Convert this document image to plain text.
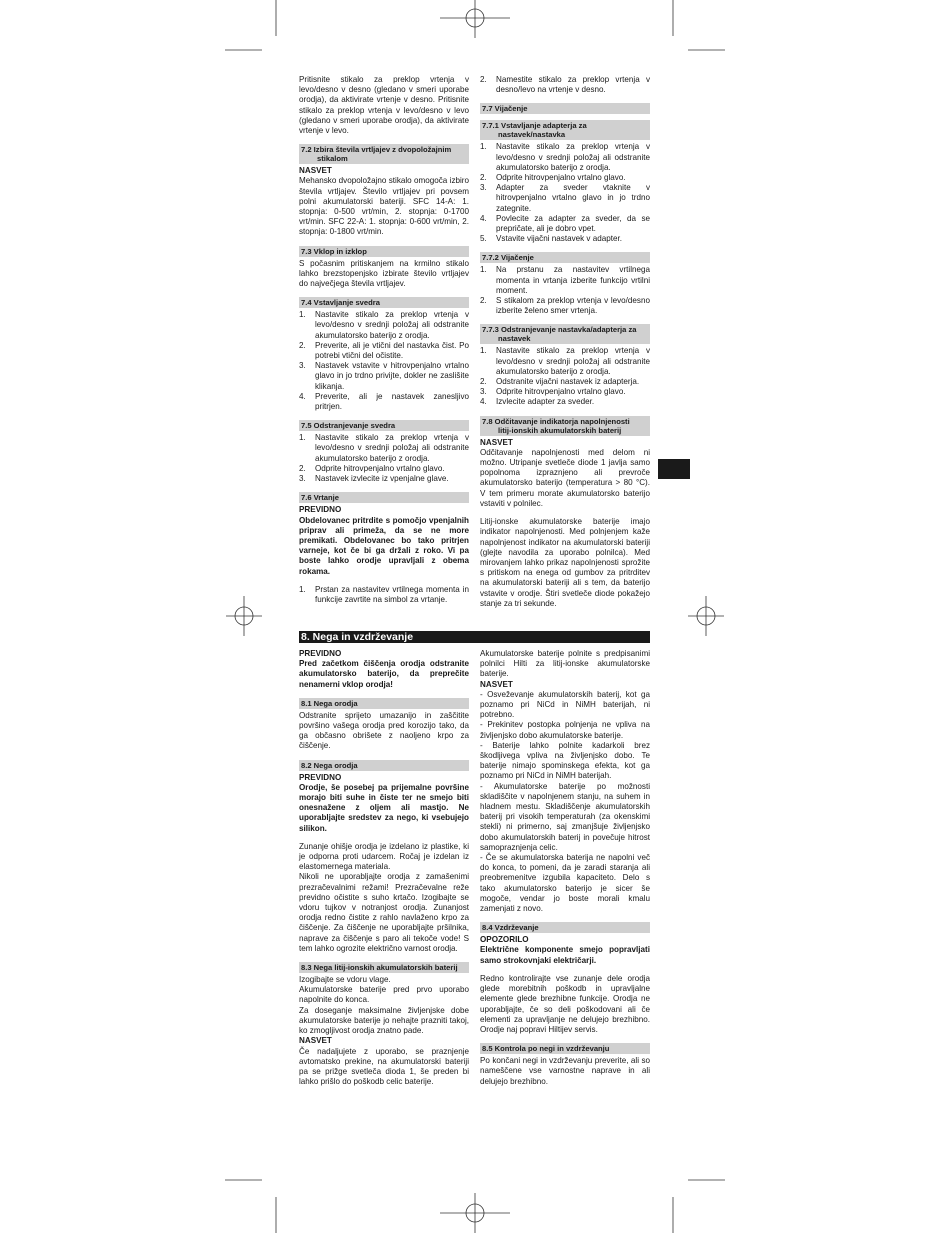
Pritisnite stikalo za preklop vrtenja v levo/desno v desno (gledano v smeri uporabe orodja), da aktivirate vrtenje v desno. Pritisnite stikalo za preklop vrtenja v levo/desno v levo (gledano v smeri uporabe orodja), da aktivirate vrtenje v levo.

7.2 Izbira števila vrtljajev z dvopoložajnim
stikalom
NASVET

Mehansko dvopoložajno stikalo omogoča izbiro števila vrtljajev. Število vrtljajev pri povsem polni akumulatorski bateriji. SFC 14-A: 1. stopnja: 0-500 vrt/min, 2. stopnja: 0-1700 vrt/min. SFC 22-A: 1. stopnja: 0-600 vrt/min, 2. stopnja: 0-1800 vrt/min.

7.3 Vklop in izklop

S počasnim pritiskanjem na krmilno stikalo lahko brezstopenjsko izbirate število vrtljajev do največjega števila vrtljajev.

7.4 Vstavljanje svedra
1. Nastavite stikalo za preklop vrtenja v levo/desno v srednji položaj ali odstranite akumulatorsko baterijo z orodja.
2. Preverite, ali je vtični del nastavka čist. Po potrebi vtični del očistite.
3. Nastavek vstavite v hitrovpenjalno vrtalno glavo in jo trdno privijte, dokler ne zaslišite klikanja.
4. Preverite, ali je nastavek zanesljivo pritrjen.
7.5 Odstranjevanje svedra
1. Nastavite stikalo za preklop vrtenja v levo/desno v srednji položaj ali odstranite akumulatorsko baterijo z orodja.
2. Odprite hitrovpenjalno vrtalno glavo.
3. Nastavek izvlecite iz vpenjalne glave.
7.6 Vrtanje
PREVIDNO

Obdelovanec pritrdite s pomočjo vpenjalnih priprav ali primeža, da se ne more premikati. Obdelovanec bo tako pritrjen varneje, kot če bi ga držali z roko. Vi pa boste lahko orodje upravljali z obema rokama.

1. Prstan za nastavitev vrtilnega momenta in funkcije zavrtite na simbol za vrtanje.
2. Namestite stikalo za preklop vrtenja v desno/levo na vrtenje v desno.
7.7 Vijačenje
7.7.1 Vstavljanje adapterja za
nastavek/nastavka
1. Nastavite stikalo za preklop vrtenja v levo/desno v srednji položaj ali odstranite akumulatorsko baterijo z orodja.
2. Odprite hitrovpenjalno vrtalno glavo.
3. Adapter za sveder vtaknite v hitrovpenjalno vrtalno glavo in jo trdno zategnite.
4. Povlecite za adapter za sveder, da se prepričate, ali je dobro vpet.
5. Vstavite vijačni nastavek v adapter.
7.7.2 Vijačenje
1. Na prstanu za nastavitev vrtilnega momenta in vrtanja izberite funkcijo vrtilni moment.
2. S stikalom za preklop vrtenja v levo/desno izberite želeno smer vrtenja.
7.7.3 Odstranjevanje nastavka/adapterja za
nastavek
1. Nastavite stikalo za preklop vrtenja v levo/desno v srednji položaj ali odstranite akumulatorsko baterijo z orodja.
2. Odstranite vijačni nastavek iz adapterja.
3. Odprite hitrovpenjalno vrtalno glavo.
4. Izvlecite adapter za sveder.
7.8 Odčitavanje indikatorja napolnjenosti
litij-ionskih akumulatorskih baterij
NASVET

Odčitavanje napolnjenosti med delom ni možno. Utripanje svetleče diode 1 javlja samo popolnoma izpraznjeno ali prevroče akumulatorsko baterijo (temperatura > 80 °C). V tem primeru morate akumulatorsko baterijo vstaviti v polnilec.

Litij-ionske akumulatorske baterije imajo indikator napolnjenosti. Med polnjenjem kaže napolnjenost indikator na akumulatorski bateriji (glejte navodila za uporabo polnilca). Med mirovanjem lahko prikaz napolnjenosti sprožite s pritiskom na enega od gumbov za pritrditev na akumulatorski bateriji ali s tem, da baterijo vstavite v orodje. Štiri svetleče diode pokažejo stanje za tri sekunde.

8. Nega in vzdrževanje
PREVIDNO

Pred začetkom čiščenja orodja odstranite akumulatorsko baterijo, da preprečite nenamerni vklop orodja!

8.1 Nega orodja

Odstranite sprijeto umazanijo in zaščitite površino vašega orodja pred korozijo tako, da ga občasno obrišete z naoljeno krpo za čiščenje.

8.2 Nega orodja
PREVIDNO

Orodje, še posebej pa prijemalne površine morajo biti suhe in čiste ter ne smejo biti onesnažene z oljem ali mastjo. Ne uporabljajte sredstev za nego, ki vsebujejo silikon.

Zunanje ohišje orodja je izdelano iz plastike, ki je odporna proti udarcem. Ročaj je izdelan iz elastomernega materiala.

Nikoli ne uporabljajte orodja z zamašenimi prezračevalnimi režami! Prezračevalne reže previdno očistite s suho krtačo. Izogibajte se vdoru tujkov v notranjost orodja. Zunanjost orodja redno čistite z rahlo navlaženo krpo za čiščenje. Za čiščenje ne uporabljajte pršilnika, naprave za čiščenje s paro ali tekoče vode! S tem lahko ogrozite električno varnost orodja.

8.3 Nega litij-ionskih akumulatorskih baterij

Izogibajte se vdoru vlage.

Akumulatorske baterije pred prvo uporabo napolnite do konca.

Za doseganje maksimalne življenjske dobe akumulatorske baterije jo nehajte prazniti takoj, ko zmogljivost orodja znatno pade.

NASVET

Če nadaljujete z uporabo, se praznjenje avtomatsko prekine, na akumulatorski bateriji pa se prižge svetleča dioda 1, še preden bi lahko prišlo do poškodb celic baterije.

Akumulatorske baterije polnite s predpisanimi polnilci Hilti za litij-ionske akumulatorske baterije.

NASVET

- Osveževanje akumulatorskih baterij, kot ga poznamo pri NiCd in NiMH baterijah, ni potrebno.

- Prekinitev postopka polnjenja ne vpliva na življenjsko dobo akumulatorske baterije.

- Baterije lahko polnite kadarkoli brez škodljivega vpliva na življenjsko dobo. Te baterije nimajo spominskega efekta, kot ga poznamo pri NiCd in NiMH baterijah.

- Akumulatorske baterije po možnosti skladiščite v napolnjenem stanju, na suhem in hladnem mestu. Skladiščenje akumulatorskih baterij pri visokih temperaturah (za okenskimi stekli) ni primerno, saj zmanjšuje življenjsko dobo akumulatorskih baterij in povečuje hitrost samopraznjenja celic.

- Če se akumulatorska baterija ne napolni več do konca, to pomeni, da je zaradi staranja ali preobremenitve izgubila kapaciteto. Delo s tako akumulatorsko baterijo je sicer še mogoče, vendar jo boste morali kmalu zamenjati z novo.

8.4 Vzdrževanje
OPOZORILO

Električne komponente smejo popravljati samo strokovnjaki električarji.

Redno kontrolirajte vse zunanje dele orodja glede morebitnih poškodb in upravljalne elemente glede brezhibne funkcije. Orodja ne uporabljajte, če so deli poškodovani ali če elementi za upravljanje ne delujejo brezhibno. Orodje naj popravi Hiltijev servis.

8.5 Kontrola po negi in vzdrževanju

Po končani negi in vzdrževanju preverite, ali so nameščene vse varnostne naprave in ali delujejo brezhibno.
